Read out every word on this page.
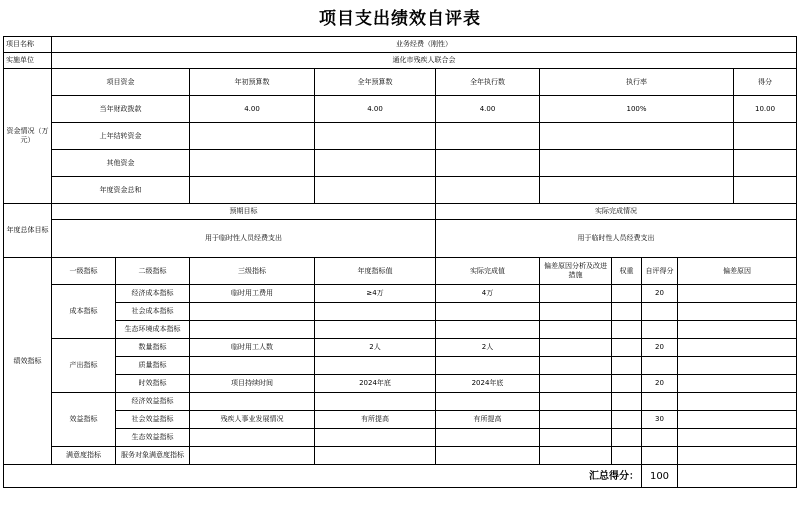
项目支出绩效自评表
项目名称	业务经费（刚性）									
实施单位	通化市残疾人联合会									
资金情况（万元）	项目资金		年初预算数	全年预算数	全年执行数	执行率				得分
	当年财政拨款		4.00	4.00	4.00	100%				10.00
	上年结转资金									
	其他资金									
	年度资金总和									
年度总体目标	预期目标				实际完成情况					
	用于临时性人员经费支出				用于临时性人员经费支出					
绩效指标	一级指标	二级指标	三级指标	年度指标值	实际完成值	偏差原因分析及改进措施	权重	自评得分	偏差原因	
	成本指标	经济成本指标	临时用工费用	≥4万	4万			20		
		社会成本指标								
		生态环境成本指标								
	产出指标	数量指标	临时用工人数	2人	2人			20		
		质量指标								
		时效指标	项目持续时间	2024年底	2024年底			20		
	效益指标	经济效益指标								
		社会效益指标	残疾人事业发展情况	有所提高	有所提高			30		
		生态效益指标								
	满意度指标	服务对象满意度指标								
汇总得分：								100		
